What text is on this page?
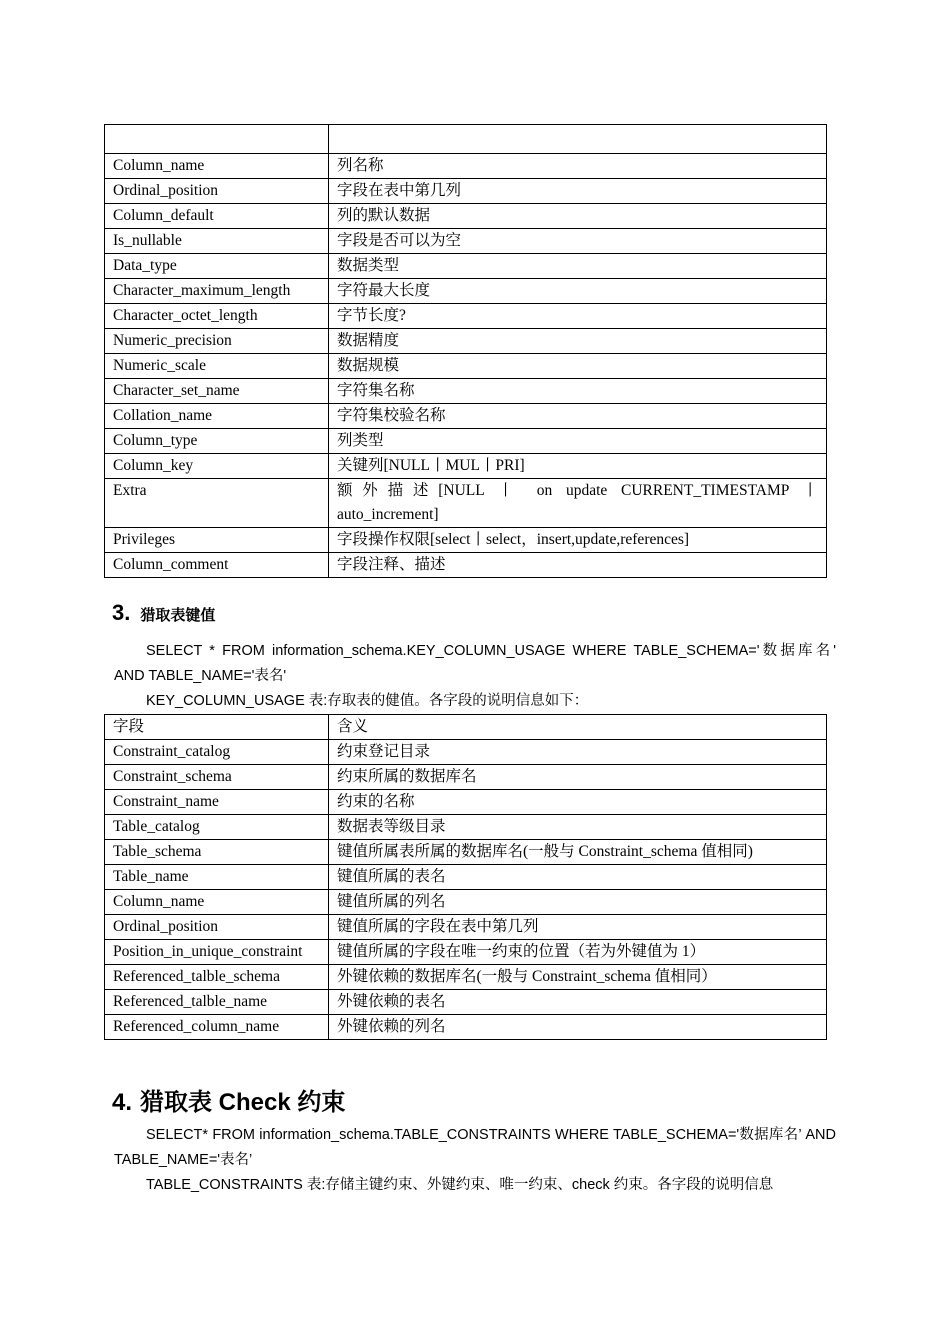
Column_name	列名称
Ordinal_position	字段在表中第几列
Column_default	列的默认数据
Is_nullable	字段是否可以为空
Data_type	数据类型
Character_maximum_length	字符最大长度
Character_octet_length	字节长度?
Numeric_precision	数据精度
Numeric_scale	数据规模
Character_set_name	字符集名称
Collation_name	字符集校验名称
Column_type	列类型
Column_key	关键列[NULL丨MUL丨PRI]
Extra	额外描述[NULL 丨 on update CURRENT_TIMESTAMP 丨 auto_increment]
Privileges	字段操作权限[select丨select，insert,update,references]
Column_comment	字段注释、描述
3. 猎取表键值
SELECT * FROM information_schema.KEY_COLUMN_USAGE WHERE TABLE_SCHEMA='数据库名' AND TABLE_NAME='表名'
KEY_COLUMN_USAGE 表:存取表的健值。各字段的说明信息如下：
字段	含义
Constraint_catalog	约束登记目录
Constraint_schema	约束所属的数据库名
Constraint_name	约束的名称
Table_catalog	数据表等级目录
Table_schema	键值所属表所属的数据库名(一般与 Constraint_schema 值相同)
Table_name	键值所属的表名
Column_name	键值所属的列名
Ordinal_position	键值所属的字段在表中第几列
Position_in_unique_constraint	键值所属的字段在唯一约束的位置（若为外键值为 1）
Referenced_talble_schema	外键依赖的数据库名(一般与 Constraint_schema 值相同）
Referenced_talble_name	外键依赖的表名
Referenced_column_name	外键依赖的列名
4. 猎取表 Check 约束
SELECT* FROM information_schema.TABLE_CONSTRAINTS WHERE TABLE_SCHEMA='数据库名’ AND TABLE_NAME='表名’
TABLE_CONSTRAINTS 表:存储主键约束、外键约束、唯一约束、check 约束。各字段的说明信息
